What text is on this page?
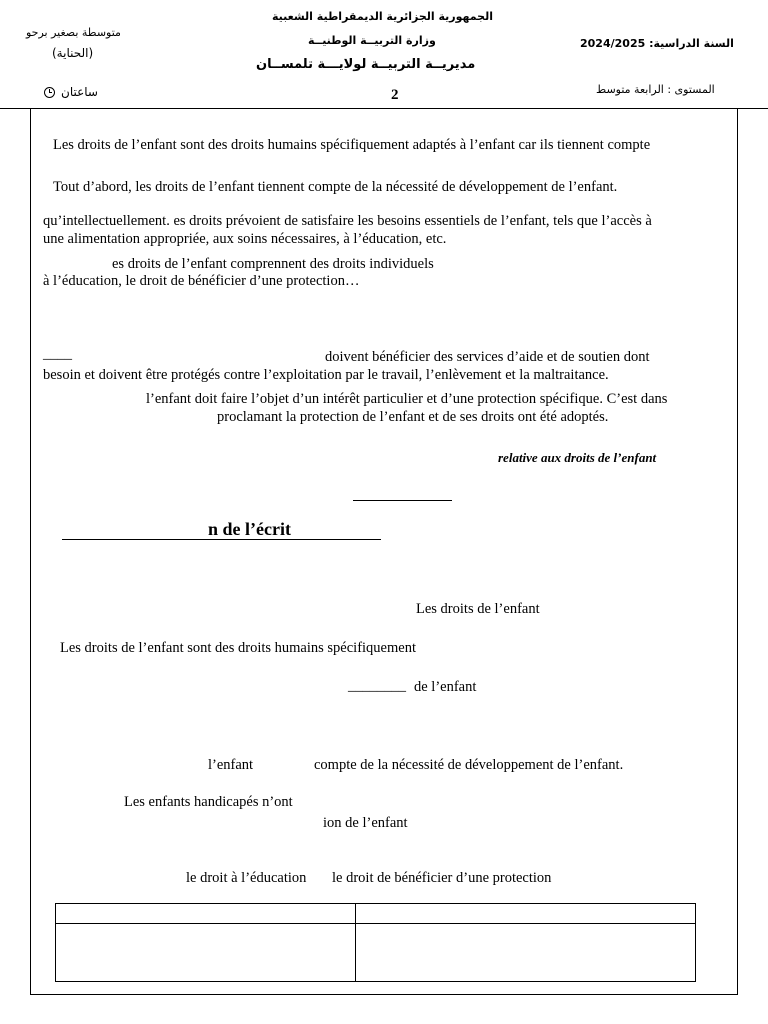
الجمهورية الجزائرية الديمقراطية الشعبية
وزارة التربيــة الوطنيــة
مديريــة التربيــة لولايـــة تلمســان
متوسطة بصغير برحو
(الحناية)
السنة الدراسية: 2024/2025
المستوى : الرابعة متوسط
ساعتان	2
Les droits de l’enfant sont des droits humains spécifiquement adaptés à l’enfant car ils tiennent compte
Tout d’abord, les droits de l’enfant tiennent compte de la nécessité de développement de l’enfant.
qu’intellectuellement. es droits prévoient de satisfaire les besoins essentiels de l’enfant, tels que l’accès à
une alimentation appropriée, aux soins nécessaires, à l’éducation, etc.
es droits de l’enfant comprennent des droits individuels
à l’éducation, le droit de bénéficier d’une protection…
____	doivent bénéficier des services d’aide et de soutien dont
besoin et doivent être protégés contre l’exploitation par le travail, l’enlèvement et la maltraitance.
l’enfant doit faire l’objet d’un intérêt particulier et d’une protection spécifique. C’est dans
proclamant la protection de l’enfant et de ses droits ont été adoptés.
relative aux droits de l’enfant
n de l’écrit
Les droits de l’enfant
Les droits de l’enfant sont des droits humains spécifiquement
________ de l’enfant
l’enfant	compte de la nécessité de développement de l’enfant.
Les enfants handicapés n’ont
ion de l’enfant
le droit à l’éducation le droit de bénéficier d’une protection
